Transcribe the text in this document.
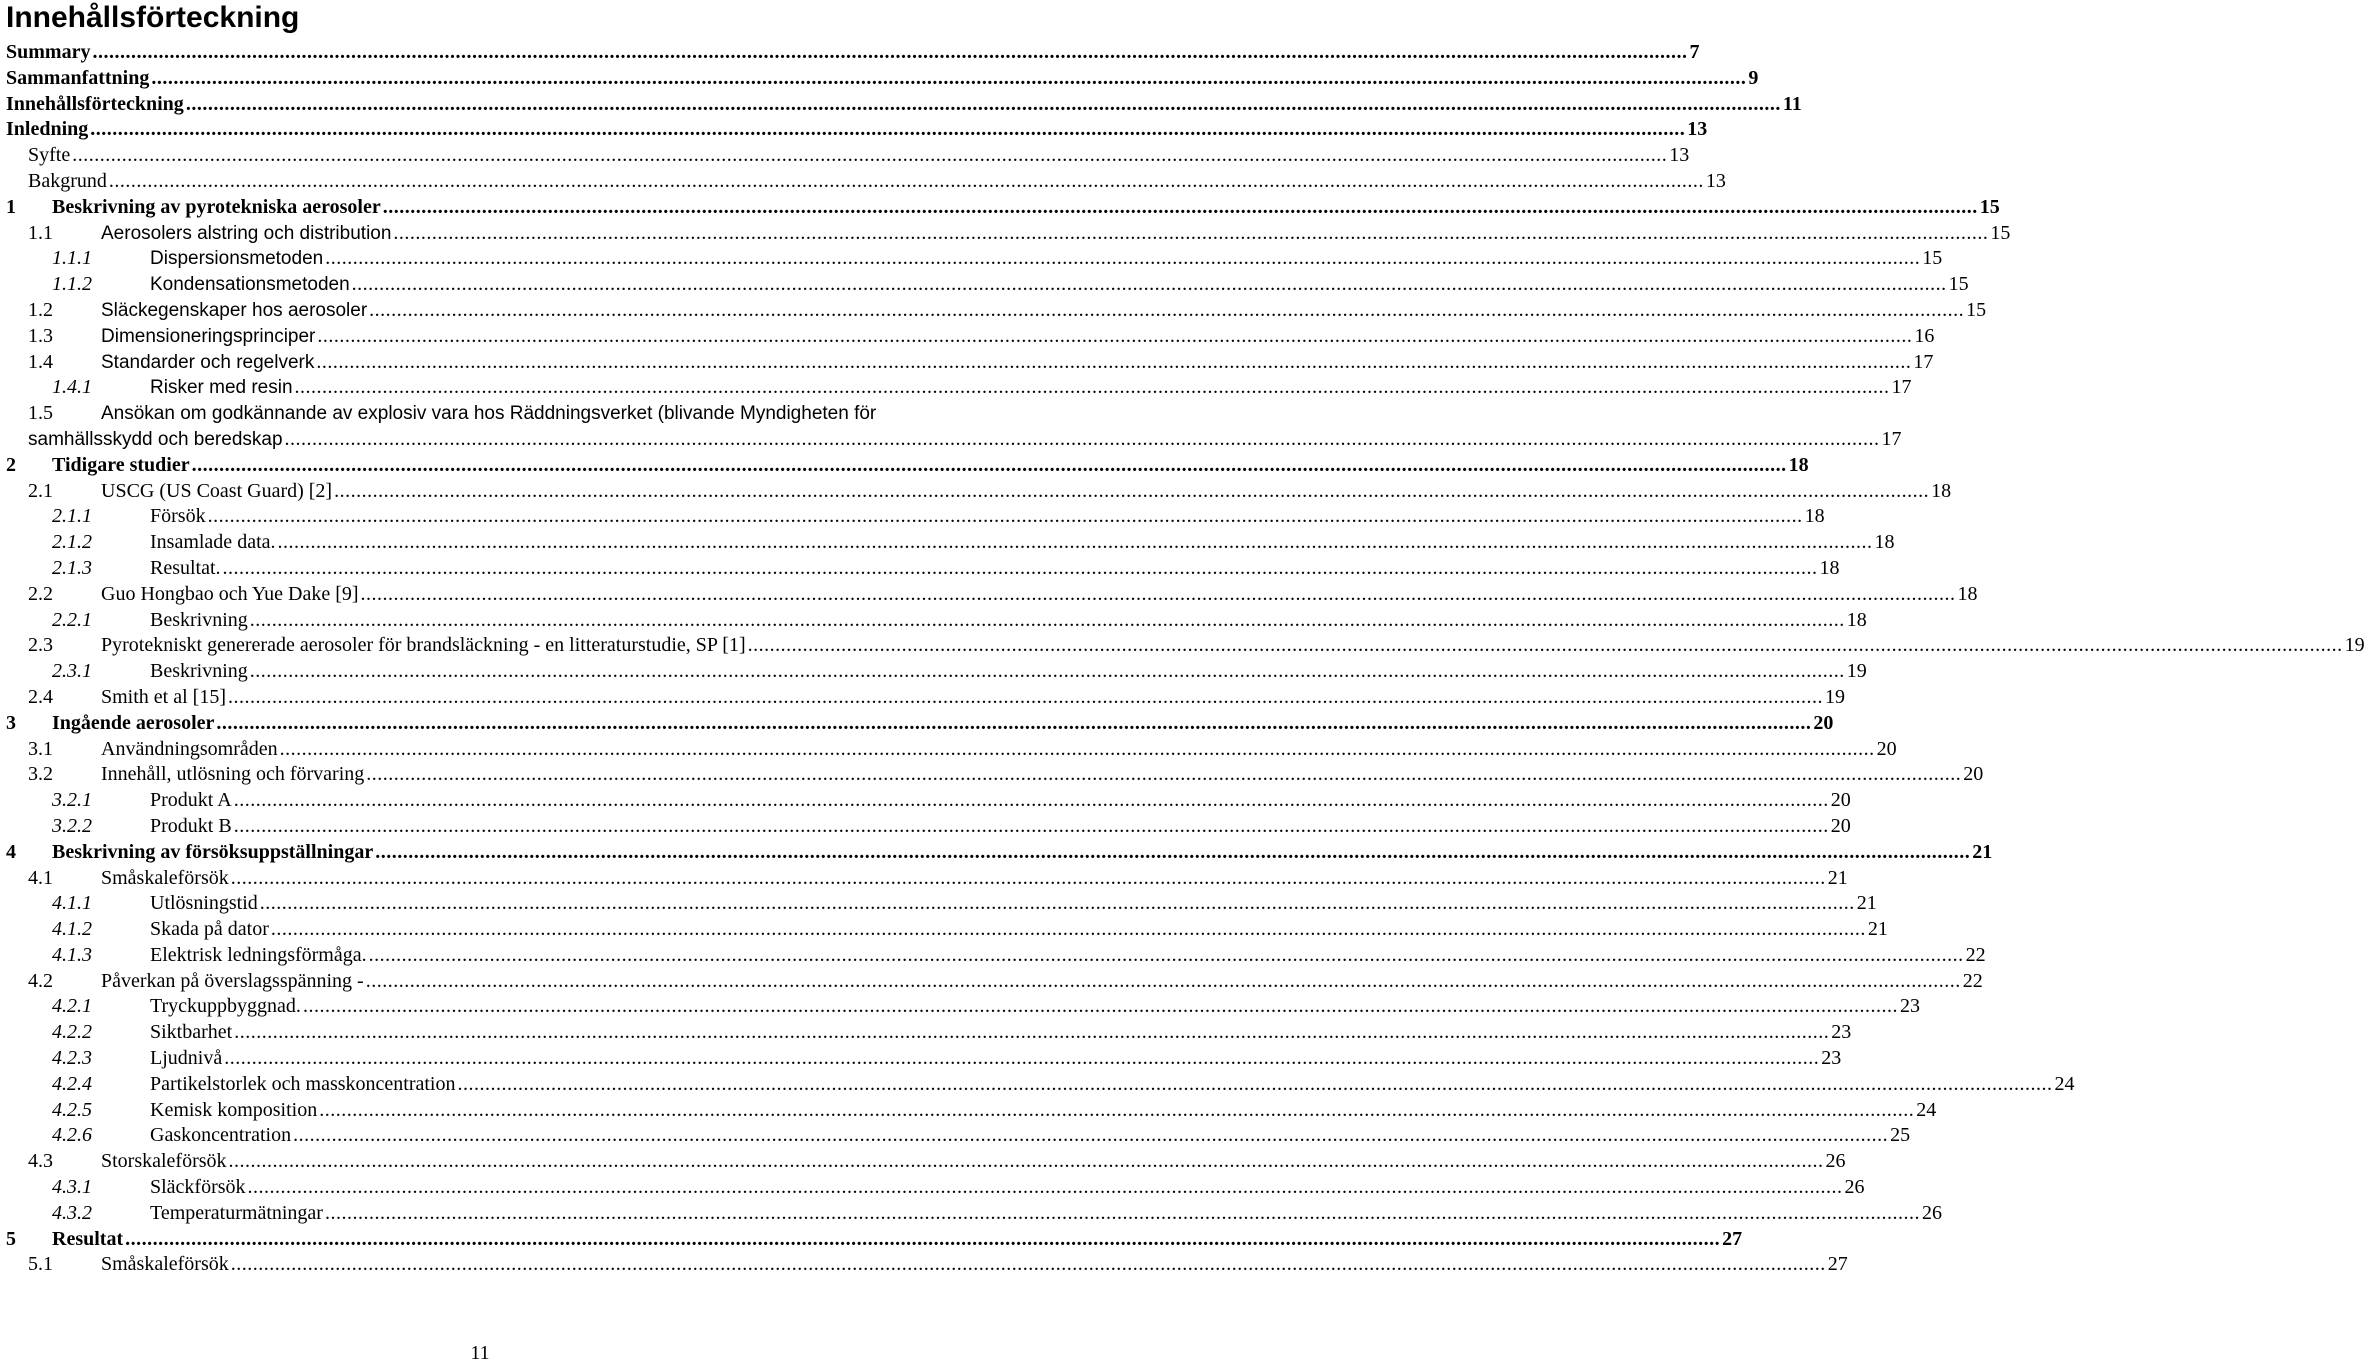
Innehållsförteckning
Summary .................................................................................................................................................................................................................................................................................................. 7
Sammanfattning .................................................................................................................................................................................................................................................................................................. 9
Innehållsförteckning .................................................................................................................................................................................................................................................................................................. 11
Inledning .................................................................................................................................................................................................................................................................................................. 13
Syfte .................................................................................................................................................................................................................................................................................................. 13
Bakgrund .................................................................................................................................................................................................................................................................................................. 13
1 Beskrivning av pyrotekniska aerosoler .................................................................................................................................................................................................................................................................................................. 15
1.1	Aerosolers alstring och distribution .................................................................................................................................................................................................................................................................................................. 15
1.1.1	Dispersionsmetoden .................................................................................................................................................................................................................................................................................................. 15
1.1.2	Kondensationsmetoden .................................................................................................................................................................................................................................................................................................. 15
1.2	Släckegenskaper hos aerosoler .................................................................................................................................................................................................................................................................................................. 15
1.3	Dimensioneringsprinciper .................................................................................................................................................................................................................................................................................................. 16
1.4	Standarder och regelverk .................................................................................................................................................................................................................................................................................................. 17
1.4.1	Risker med resin .................................................................................................................................................................................................................................................................................................. 17
1.5	Ansökan om godkännande av explosiv vara hos Räddningsverket (blivande Myndigheten för
samhällsskydd och beredskap .................................................................................................................................................................................................................................................................................................. 17
2 Tidigare studier .................................................................................................................................................................................................................................................................................................. 18
2.1 USCG (US Coast Guard) [2] .................................................................................................................................................................................................................................................................................................. 18
2.1.1	Försök .................................................................................................................................................................................................................................................................................................. 18
2.1.2	Insamlade data. .................................................................................................................................................................................................................................................................................................. 18
2.1.3	Resultat. .................................................................................................................................................................................................................................................................................................. 18
2.2 Guo Hongbao och Yue Dake [9] .................................................................................................................................................................................................................................................................................................. 18
2.2.1	Beskrivning .................................................................................................................................................................................................................................................................................................. 18
2.3 Pyrotekniskt genererade aerosoler för brandsläckning - en litteraturstudie, SP [1] .................................................................................................................................................................................................................................................................................................. 19
2.3.1	Beskrivning .................................................................................................................................................................................................................................................................................................. 19
2.4 Smith et al [15] .................................................................................................................................................................................................................................................................................................. 19
3 Ingående aerosoler .................................................................................................................................................................................................................................................................................................. 20
3.1 Användningsområden .................................................................................................................................................................................................................................................................................................. 20
3.2 Innehåll, utlösning och förvaring .................................................................................................................................................................................................................................................................................................. 20
3.2.1	Produkt A .................................................................................................................................................................................................................................................................................................. 20
3.2.2	Produkt B .................................................................................................................................................................................................................................................................................................. 20
4 Beskrivning av försöksuppställningar .................................................................................................................................................................................................................................................................................................. 21
4.1 Småskaleförsök .................................................................................................................................................................................................................................................................................................. 21
4.1.1	Utlösningstid .................................................................................................................................................................................................................................................................................................. 21
4.1.2	Skada på dator .................................................................................................................................................................................................................................................................................................. 21
4.1.3	Elektrisk ledningsförmåga. .................................................................................................................................................................................................................................................................................................. 22
4.2 Påverkan på överslagsspänning - .................................................................................................................................................................................................................................................................................................. 22
4.2.1	Tryckuppbyggnad. .................................................................................................................................................................................................................................................................................................. 23
4.2.2	Siktbarhet .................................................................................................................................................................................................................................................................................................. 23
4.2.3	Ljudnivå .................................................................................................................................................................................................................................................................................................. 23
4.2.4	Partikelstorlek och masskoncentration .................................................................................................................................................................................................................................................................................................. 24
4.2.5	Kemisk komposition .................................................................................................................................................................................................................................................................................................. 24
4.2.6	Gaskoncentration .................................................................................................................................................................................................................................................................................................. 25
4.3 Storskaleförsök .................................................................................................................................................................................................................................................................................................. 26
4.3.1	Släckförsök .................................................................................................................................................................................................................................................................................................. 26
4.3.2	Temperaturmätningar .................................................................................................................................................................................................................................................................................................. 26
5 Resultat .................................................................................................................................................................................................................................................................................................. 27
5.1 Småskaleförsök .................................................................................................................................................................................................................................................................................................. 27
11
